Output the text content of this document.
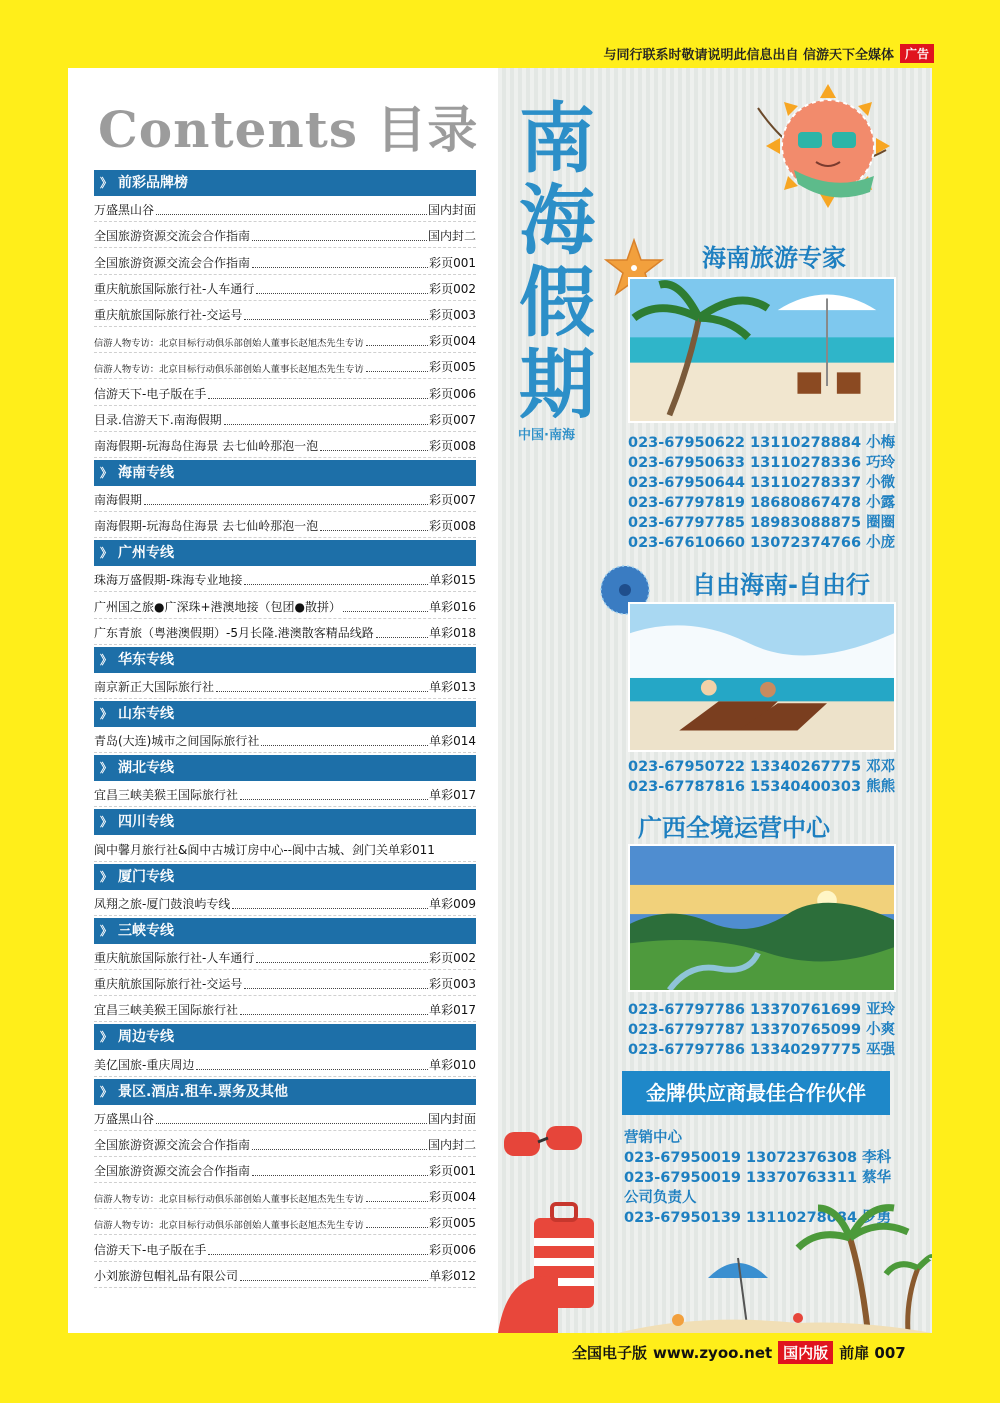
与同行联系时敬请说明此信息出自 信游天下全媒体 广告
Contents 目录
》 前彩品牌榜
万盛黑山谷	国内封面
全国旅游资源交流会合作指南	国内封二
全国旅游资源交流会合作指南	彩页001
重庆航旅国际旅行社-人车通行	彩页002
重庆航旅国际旅行社-交运号	彩页003
信游人物专访：北京目标行动俱乐部创始人董事长赵旭杰先生专访	彩页004
信游人物专访：北京目标行动俱乐部创始人董事长赵旭杰先生专访	彩页005
信游天下-电子版在手	彩页006
目录.信游天下.南海假期	彩页007
南海假期-玩海岛住海景 去七仙岭那泡一泡	彩页008
》 海南专线
南海假期	彩页007
南海假期-玩海岛住海景 去七仙岭那泡一泡	彩页008
》 广州专线
珠海万盛假期-珠海专业地接	单彩015
广州国之旅●广深珠+港澳地接（包团●散拼）	单彩016
广东青旅（粤港澳假期）-5月长隆.港澳散客精品线路	单彩018
》 华东专线
南京新正大国际旅行社	单彩013
》 山东专线
青岛(大连)城市之间国际旅行社	单彩014
》 湖北专线
宜昌三峡美猴王国际旅行社	单彩017
》 四川专线
阆中馨月旅行社&阆中古城订房中心--阆中古城、剑门关单彩011
》 厦门专线
凤翔之旅-厦门鼓浪屿专线	单彩009
》 三峡专线
重庆航旅国际旅行社-人车通行	彩页002
重庆航旅国际旅行社-交运号	彩页003
宜昌三峡美猴王国际旅行社	单彩017
》 周边专线
美亿国旅-重庆周边	单彩010
》 景区.酒店.租车.票务及其他
万盛黑山谷	国内封面
全国旅游资源交流会合作指南	国内封二
全国旅游资源交流会合作指南	彩页001
信游人物专访：北京目标行动俱乐部创始人董事长赵旭杰先生专访	彩页004
信游人物专访：北京目标行动俱乐部创始人董事长赵旭杰先生专访	彩页005
信游天下-电子版在手	彩页006
小刘旅游包帽礼品有限公司	单彩012
南
海
假
期
中国·南海
海南旅游专家
023-67950622 13110278884 小梅
023-67950633 13110278336 巧玲
023-67950644 13110278337 小微
023-67797819 18680867478 小露
023-67797785 18983088875 圈圈
023-67610660 13072374766 小庞
自由海南-自由行
023-67950722 13340267775 邓邓
023-67787816 15340400303 熊熊
广西全境运营中心
023-67797786 13370761699 亚玲
023-67797787 13370765099 小爽
023-67797786 13340297775 巫强
金牌供应商最佳合作伙伴
营销中心
023-67950019 13072376308 李科
023-67950019 13370763311 蔡华
公司负责人
023-67950139 13110278084 罗勇
全国电子版 www.zyoo.net 国内版 前扉 007
